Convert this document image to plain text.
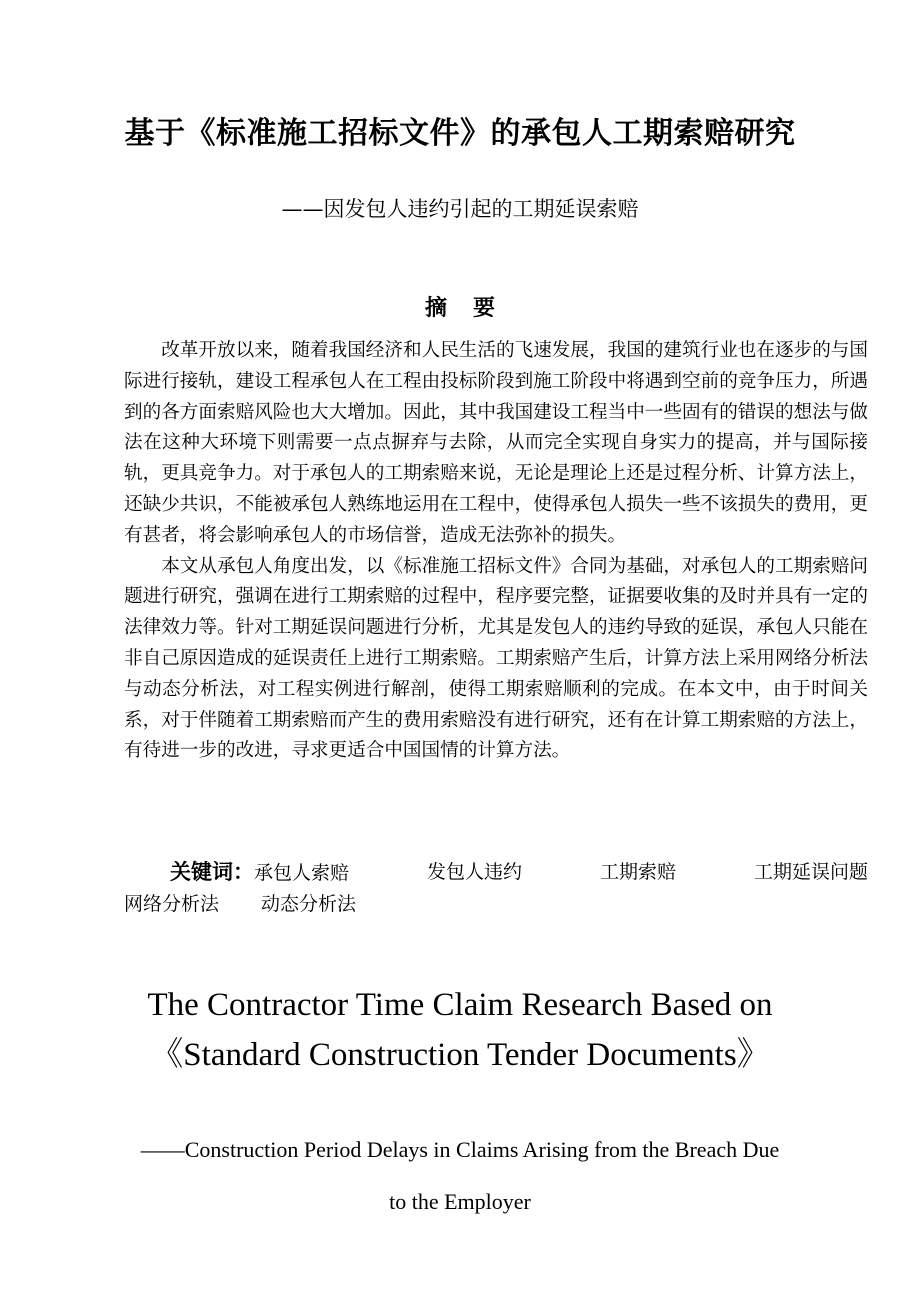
基于《标准施工招标文件》的承包人工期索赔研究
——因发包人违约引起的工期延误索赔
摘要

改革开放以来，随着我国经济和人民生活的飞速发展，我国的建筑行业也在逐步的与国际进行接轨，建设工程承包人在工程由投标阶段到施工阶段中将遇到空前的竞争压力，所遇到的各方面索赔风险也大大增加。因此，其中我国建设工程当中一些固有的错误的想法与做法在这种大环境下则需要一点点摒弃与去除，从而完全实现自身实力的提高，并与国际接轨，更具竞争力。对于承包人的工期索赔来说，无论是理论上还是过程分析、计算方法上，还缺少共识，不能被承包人熟练地运用在工程中，使得承包人损失一些不该损失的费用，更有甚者，将会影响承包人的市场信誉，造成无法弥补的损失。

本文从承包人角度出发，以《标准施工招标文件》合同为基础，对承包人的工期索赔问题进行研究，强调在进行工期索赔的过程中，程序要完整，证据要收集的及时并具有一定的法律效力等。针对工期延误问题进行分析，尤其是发包人的违约导致的延误，承包人只能在非自己原因造成的延误责任上进行工期索赔。工期索赔产生后，计算方法上采用网络分析法与动态分析法，对工程实例进行解剖，使得工期索赔顺利的完成。在本文中，由于时间关系，对于伴随着工期索赔而产生的费用索赔没有进行研究，还有在计算工期索赔的方法上，有待进一步的改进，寻求更适合中国国情的计算方法。

关键词：承包人索赔	发包人违约	工期索赔	工期延误问题
网络分析法 动态分析法
The Contractor Time Claim Research Based on
《Standard Construction Tender Documents》
——Construction Period Delays in Claims Arising from the Breach Due
to the Employer
